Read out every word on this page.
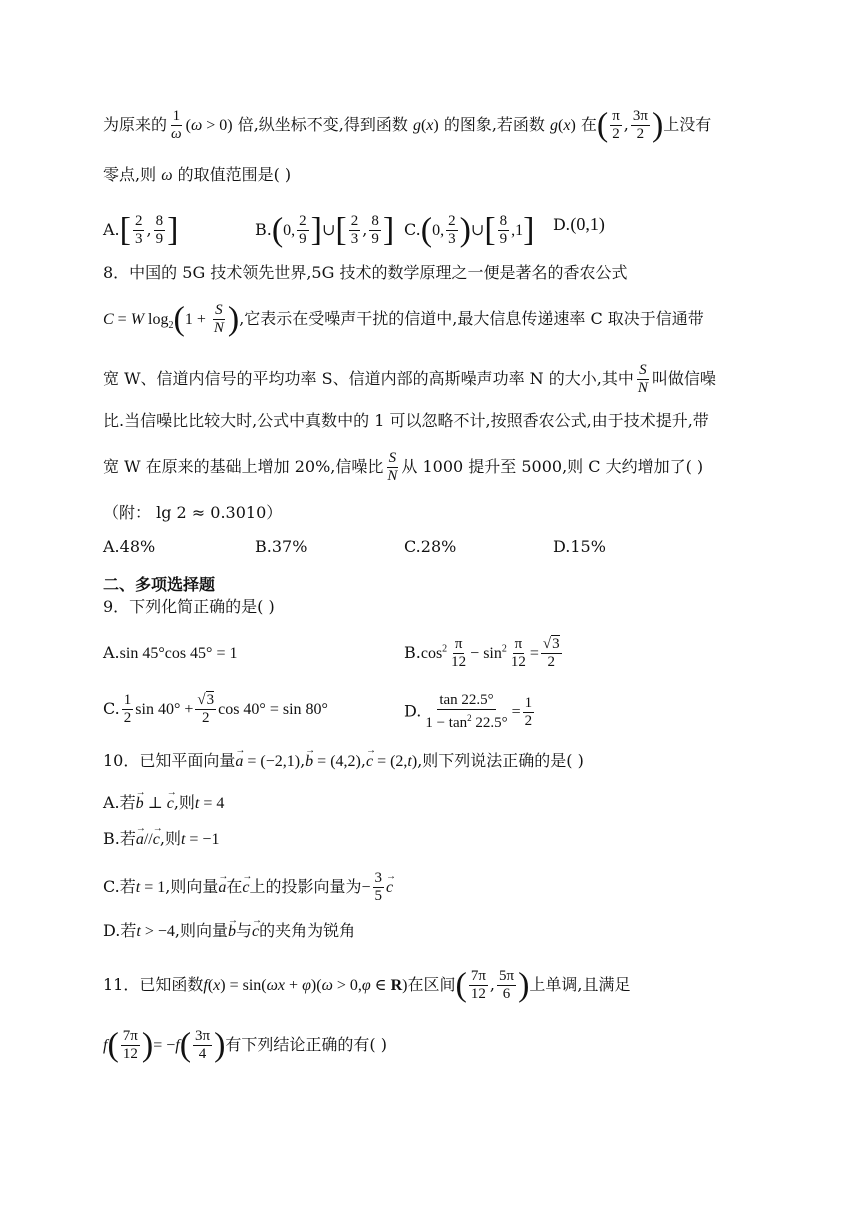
为原来的 $\frac{1}{\omega} (\omega > 0)$ 倍,纵坐标不变,得到函数 g(x) 的图象,若函数 g(x) 在( $\frac{\pi}{2}$ , $\frac{3\pi}{2}$ )上没有
零点,则 ω 的取值范围是( )
$A.[ \frac{2}{3}$ , $\frac{8}{9}$ ]	B.(0, $\frac{2}{9}$ ]∪[ $\frac{2}{3}$ , $\frac{8}{9}$ ] C.(0, $\frac{2}{3}$ )∪[ $\frac{8}{9} ,1$] D.(0,1)
8．中国的 5G 技术领先世界,5G 技术的数学原理之一便是著名的香农公式
C = W $\log_2(1 + \frac{S}{N}$ ),它表示在受噪声干扰的信道中,最大信息传递速率 C 取决于信通带
宽 W、信道内信号的平均功率 S、信道内部的高斯噪声功率 N 的大小,其中 $\frac{S}{N}$ 叫做信噪
比.当信噪比比较大时,公式中真数中的 1 可以忽略不计,按照香农公式,由于技术提升,带
宽 W 在原来的基础上增加 20%,信噪比 $\frac{S}{N}$ 从 1000 提升至 5000,则 C 大约增加了( )
（附： lg 2 ≈ 0.3010）
A.48%	B.37%	C.28%	D.15%
二、多项选择题
9．下列化简正确的是( )
A.sin 45°cos 45° = 1	$B.\cos^2 \frac{\pi}{12} - \sin^2 \frac{\pi}{12} = \frac{√3}{2}$
C. $\frac{1}{2}$ $\sin 40^\circ + \frac{√3}{2}$ cos 40° = sin 80°	D. $\frac{\tan 22.5^\circ}{1 - \tan^2 22.5^\circ} = \frac{1}{2}$
10．已知平面向量→ a = (−2,1),→ b = (4,2),→ c = (2,t),则下列说法正确的是( )
A.若→ b ⊥ → c,则t = 4
B.若→ a//→ c,则t = −1
C.若t = 1,则向量→ a在→ c上的投影向量为− $\frac{3}{5}$
→ c
D.若t > −4,则向量→ b与→ c的夹角为锐角
11．已知函数f(x) = sin(ωx + φ)(ω > 0,φ ∈ R)在区间( $\frac{7\pi}{12}$ , $\frac{5\pi}{6}$ )上单调,且满足
$f( \frac{7\pi}{12}$ )= $-f( \frac{3\pi}{4}$ )有下列结论正确的有( )
